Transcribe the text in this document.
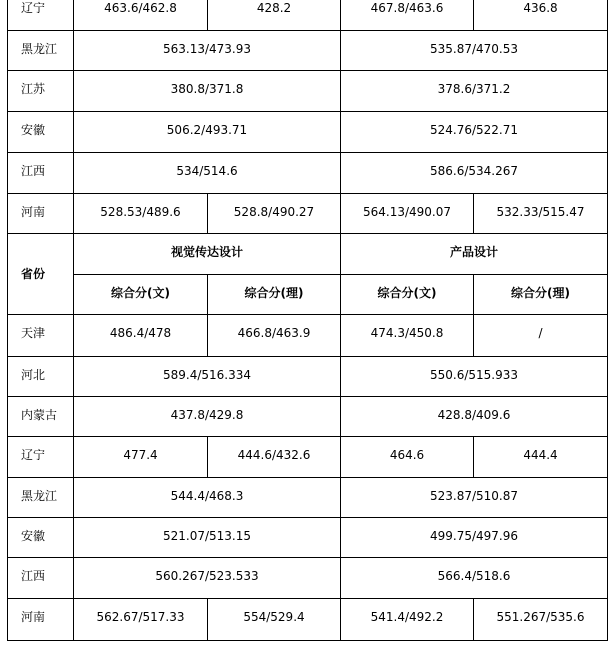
辽宁	463.6/462.8	428.2	467.8/463.6	436.8
黑龙江	563.13/473.93		535.87/470.53	
江苏	380.8/371.8		378.6/371.2	
安徽	506.2/493.71		524.76/522.71	
江西	534/514.6		586.6/534.267	
河南	528.53/489.6	528.8/490.27	564.13/490.07	532.33/515.47
省份	视觉传达设计		产品设计	
	综合分(文)	综合分(理)	综合分(文)	综合分(理)
天津	486.4/478	466.8/463.9	474.3/450.8	/
河北	589.4/516.334		550.6/515.933	
内蒙古	437.8/429.8		428.8/409.6	
辽宁	477.4	444.6/432.6	464.6	444.4
黑龙江	544.4/468.3		523.87/510.87	
安徽	521.07/513.15		499.75/497.96	
江西	560.267/523.533		566.4/518.6	
河南	562.67/517.33	554/529.4	541.4/492.2	551.267/535.6
